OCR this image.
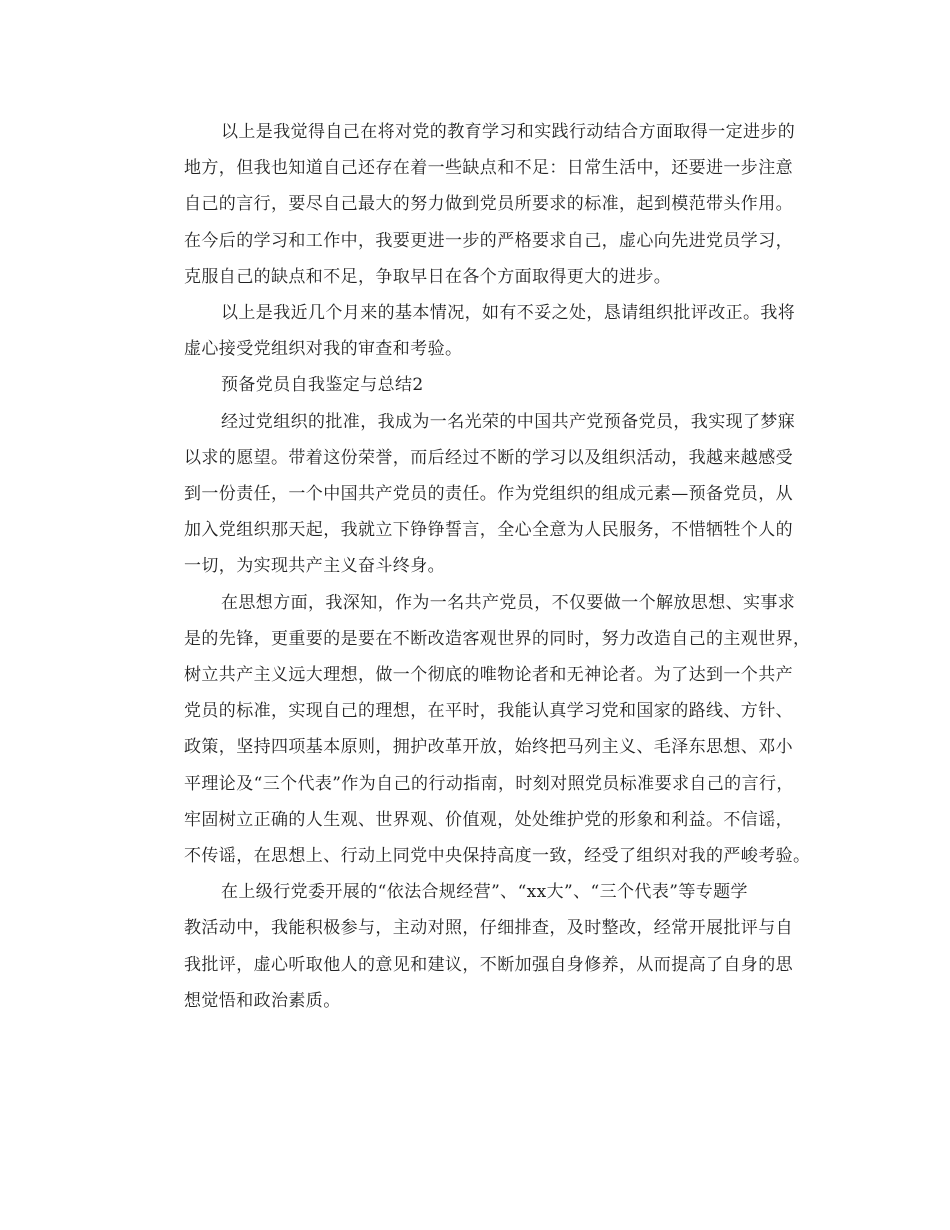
以上是我觉得自己在将对党的教育学习和实践行动结合方面取得一定进步的
地方，但我也知道自己还存在着一些缺点和不足：日常生活中，还要进一步注意
自己的言行，要尽自己最大的努力做到党员所要求的标准，起到模范带头作用。
在今后的学习和工作中，我要更进一步的严格要求自己，虚心向先进党员学习，
克服自己的缺点和不足，争取早日在各个方面取得更大的进步。
以上是我近几个月来的基本情况，如有不妥之处，恳请组织批评改正。我将
虚心接受党组织对我的审查和考验。
预备党员自我鉴定与总结2
经过党组织的批准，我成为一名光荣的中国共产党预备党员，我实现了梦寐
以求的愿望。带着这份荣誉，而后经过不断的学习以及组织活动，我越来越感受
到一份责任，一个中国共产党员的责任。作为党组织的组成元素—预备党员，从
加入党组织那天起，我就立下铮铮誓言，全心全意为人民服务，不惜牺牲个人的
一切，为实现共产主义奋斗终身。
在思想方面，我深知，作为一名共产党员，不仅要做一个解放思想、实事求
是的先锋，更重要的是要在不断改造客观世界的同时，努力改造自己的主观世界，
树立共产主义远大理想，做一个彻底的唯物论者和无神论者。为了达到一个共产
党员的标准，实现自己的理想，在平时，我能认真学习党和国家的路线、方针、
政策，坚持四项基本原则，拥护改革开放，始终把马列主义、毛泽东思想、邓小
平理论及“三个代表”作为自己的行动指南，时刻对照党员标准要求自己的言行，
牢固树立正确的人生观、世界观、价值观，处处维护党的形象和利益。不信谣，
不传谣，在思想上、行动上同党中央保持高度一致，经受了组织对我的严峻考验。
在上级行党委开展的“依法合规经营”、“xx大”、“三个代表”等专题学
教活动中，我能积极参与，主动对照，仔细排查，及时整改，经常开展批评与自
我批评，虚心听取他人的意见和建议，不断加强自身修养，从而提高了自身的思
想觉悟和政治素质。
